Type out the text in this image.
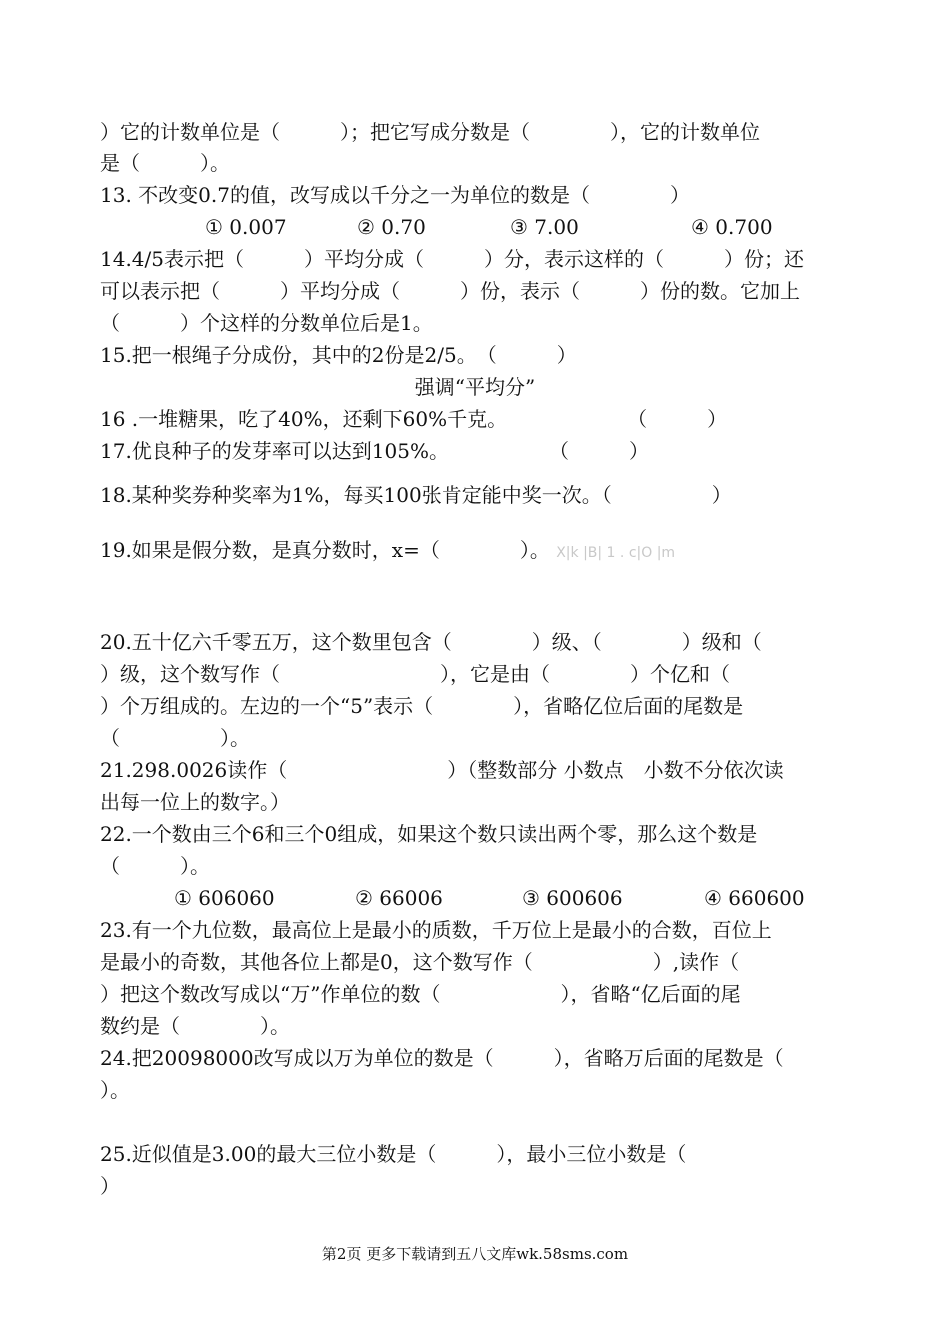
）它的计数单位是（　　　）；把它写成分数是（　　　　），它的计数单位
是（　　　）。
13. 不改变0.7的值，改写成以千分之一为单位的数是（　　　　）
① 0.007	② 0.70	③ 7.00	④ 0.700
14.4/5表示把（　　　）平均分成（　　　）分，表示这样的（　　　）份；还
可以表示把（　　　）平均分成（　　　）份，表示（　　　）份的数。它加上
（　　　）个这样的分数单位后是1。
15.把一根绳子分成份，其中的2份是2/5。　（　　　）
强调“平均分”
16 .一堆糖果，吃了40%，还剩下60%千克。　　　　　　　（　　　）
17.优良种子的发芽率可以达到105%。　　　　　　（　　　）
18.某种奖券种奖率为1%，每买100张肯定能中奖一次。（　　　　　）
19.如果是假分数，是真分数时，x=（　　　　）。 X|k |B| 1 . c|O |m
20.五十亿六千零五万，这个数里包含（　　　　）级、（　　　　）级和（
）级，这个数写作（　　　　　　　　），它是由（　　　　）个亿和（
）个万组成的。左边的一个“5”表示（　　　　），省略亿位后面的尾数是
（　　　　　）。
21.298.0026读作（　　　　　　　　）（整数部分 小数点　小数不分依次读
出每一位上的数字。）
22.一个数由三个6和三个0组成，如果这个数只读出两个零，那么这个数是
（　　　）。
① 606060	② 66006	③ 600606	④ 660600
23.有一个九位数，最高位上是最小的质数，千万位上是最小的合数，百位上
是最小的奇数，其他各位上都是0，这个数写作（　　　　　　）,读作（
）把这个数改写成以“万”作单位的数（　　　　　　），省略“亿后面的尾
数约是（　　　　）。
24.把20098000改写成以万为单位的数是（　　　），省略万后面的尾数是（
）。
25.近似值是3.00的最大三位小数是（　　　），最小三位小数是（
）
第2页 更多下载请到五八文库wk.58sms.com
